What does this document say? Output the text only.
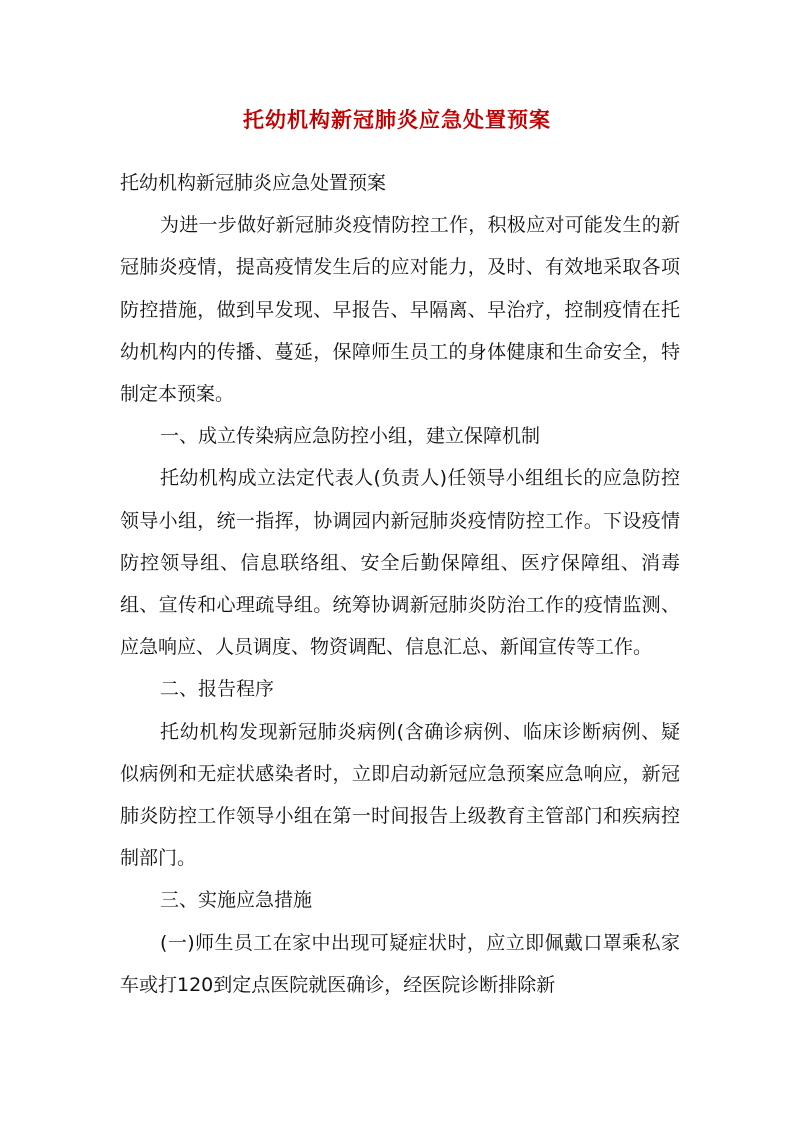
托幼机构新冠肺炎应急处置预案

托幼机构新冠肺炎应急处置预案

为进一步做好新冠肺炎疫情防控工作，积极应对可能发生的新冠肺炎疫情，提高疫情发生后的应对能力，及时、有效地采取各项防控措施，做到早发现、早报告、早隔离、早治疗，控制疫情在托幼机构内的传播、蔓延，保障师生员工的身体健康和生命安全，特制定本预案。

一、成立传染病应急防控小组，建立保障机制

托幼机构成立法定代表人(负责人)任领导小组组长的应急防控领导小组，统一指挥，协调园内新冠肺炎疫情防控工作。下设疫情防控领导组、信息联络组、安全后勤保障组、医疗保障组、消毒组、宣传和心理疏导组。统筹协调新冠肺炎防治工作的疫情监测、应急响应、人员调度、物资调配、信息汇总、新闻宣传等工作。

二、报告程序

托幼机构发现新冠肺炎病例(含确诊病例、临床诊断病例、疑似病例和无症状感染者时，立即启动新冠应急预案应急响应，新冠肺炎防控工作领导小组在第一时间报告上级教育主管部门和疾病控制部门。

三、实施应急措施

(一)师生员工在家中出现可疑症状时，应立即佩戴口罩乘私家车或打120到定点医院就医确诊，经医院诊断排除新
